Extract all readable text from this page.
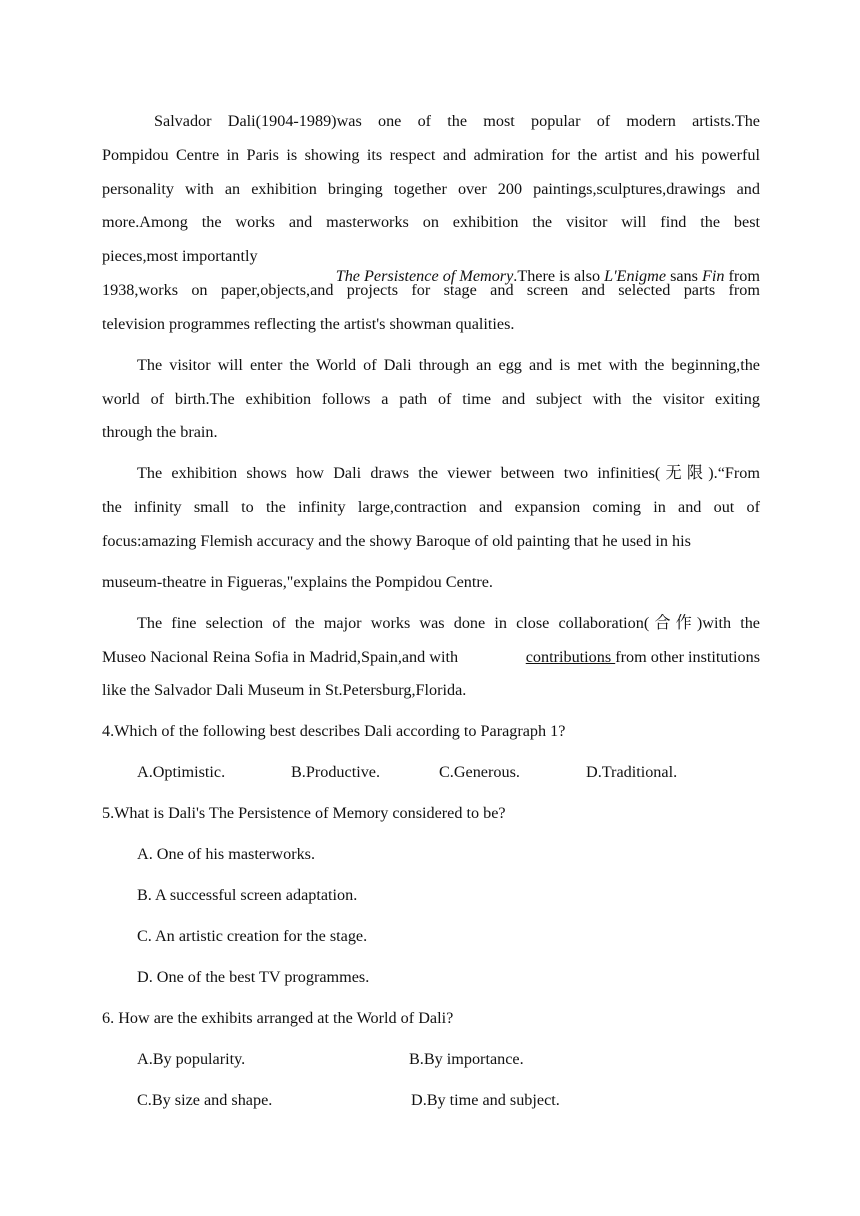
Salvador Dali(1904-1989)was one of the most popular of modern artists.The

Pompidou Centre in Paris is showing its respect and admiration for the artist and his powerful

personality with an exhibition bringing together over 200 paintings,sculptures,drawings and

more.Among the works and masterworks on exhibition the visitor will find the best

pieces,most importantly

The Persistence of Memory.There is also L'Enigme sans Fin from

1938,works on paper,objects,and projects for stage and screen and selected parts from

television programmes reflecting the artist's showman qualities.

The visitor will enter the World of Dali through an egg and is met with the beginning,the

world of birth.The exhibition follows a path of time and subject with the visitor exiting

through the brain.

The exhibition shows how Dali draws the viewer between two infinities(无限).“From

the infinity small to the infinity large,contraction and expansion coming in and out of

focus:amazing Flemish accuracy and the showy Baroque of old painting that he used in his

museum-theatre in Figueras,"explains the Pompidou Centre.

The fine selection of the major works was done in close collaboration(合作)with the

Museo Nacional Reina Sofia in Madrid,Spain,and with	contributions from other institutions

like the Salvador Dali Museum in St.Petersburg,Florida.

4.Which of the following best describes Dali according to Paragraph 1?

A.Optimistic.	B.Productive.	C.Generous.	D.Traditional.

5.What is Dali's The Persistence of Memory considered to be?

A. One of his masterworks.

B. A successful screen adaptation.

C. An artistic creation for the stage.

D. One of the best TV programmes.

6. How are the exhibits arranged at the World of Dali?

A.By popularity.	B.By importance.

C.By size and shape.	D.By time and subject.
